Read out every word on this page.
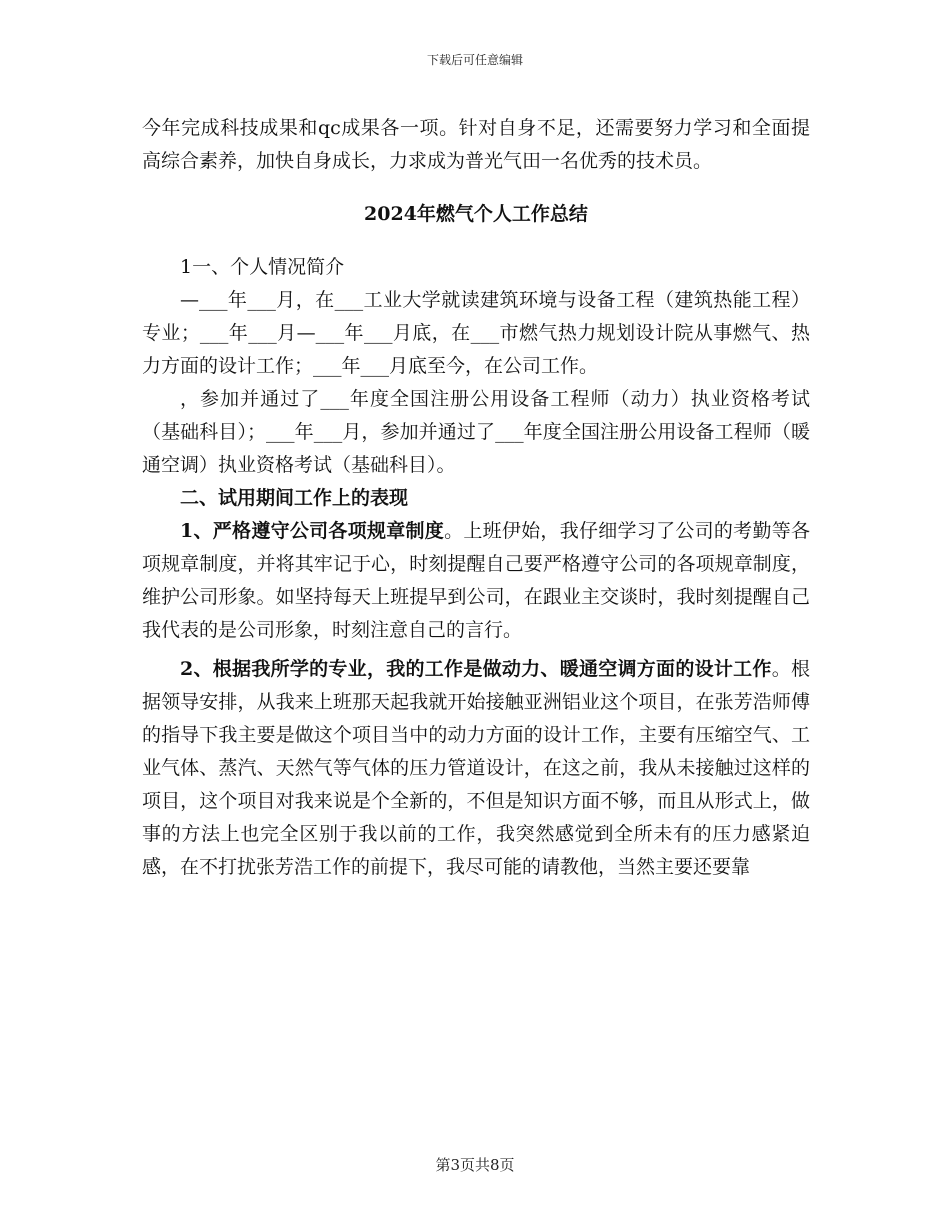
下载后可任意编辑

今年完成科技成果和qc成果各一项。针对自身不足，还需要努力学习和全面提高综合素养，加快自身成长，力求成为普光气田一名优秀的技术员。

2024年燃气个人工作总结

1一、个人情况简介

—___年___月，在___工业大学就读建筑环境与设备工程（建筑热能工程）专业；___年___月—___年___月底，在___市燃气热力规划设计院从事燃气、热力方面的设计工作；___年___月底至今，在公司工作。

，参加并通过了___年度全国注册公用设备工程师（动力）执业资格考试（基础科目）；___年___月，参加并通过了___年度全国注册公用设备工程师（暖通空调）执业资格考试（基础科目）。

二、试用期间工作上的表现

1、严格遵守公司各项规章制度。上班伊始，我仔细学习了公司的考勤等各项规章制度，并将其牢记于心，时刻提醒自己要严格遵守公司的各项规章制度，维护公司形象。如坚持每天上班提早到公司，在跟业主交谈时，我时刻提醒自己我代表的是公司形象，时刻注意自己的言行。

2、根据我所学的专业，我的工作是做动力、暖通空调方面的设计工作。根据领导安排，从我来上班那天起我就开始接触亚洲铝业这个项目，在张芳浩师傅的指导下我主要是做这个项目当中的动力方面的设计工作，主要有压缩空气、工业气体、蒸汽、天然气等气体的压力管道设计，在这之前，我从未接触过这样的项目，这个项目对我来说是个全新的，不但是知识方面不够，而且从形式上，做事的方法上也完全区别于我以前的工作，我突然感觉到全所未有的压力感紧迫感，在不打扰张芳浩工作的前提下，我尽可能的请教他，当然主要还要靠

第3页共8页
